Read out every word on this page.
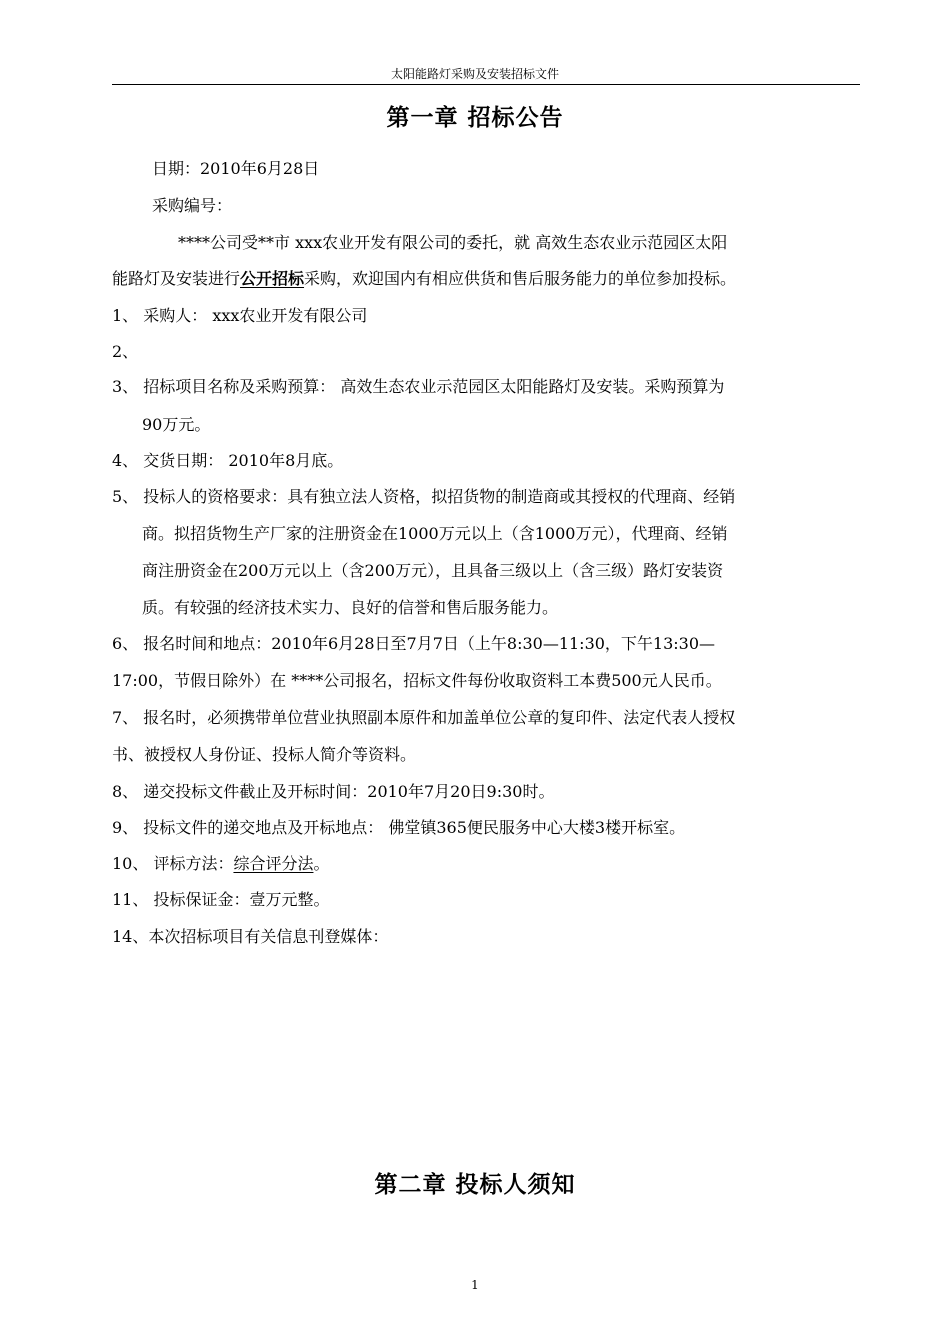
太阳能路灯采购及安装招标文件
第一章 招标公告
日期：2010年6月28日
采购编号：
****公司受**市 xxx农业开发有限公司的委托，就 高效生态农业示范园区太阳
能路灯及安装进行公开招标采购，欢迎国内有相应供货和售后服务能力的单位参加投标。
1、 采购人： xxx农业开发有限公司
2、
3、 招标项目名称及采购预算： 高效生态农业示范园区太阳能路灯及安装。采购预算为
90万元。
4、 交货日期： 2010年8月底。
5、 投标人的资格要求：具有独立法人资格，拟招货物的制造商或其授权的代理商、经销
商。拟招货物生产厂家的注册资金在1000万元以上（含1000万元），代理商、经销
商注册资金在200万元以上（含200万元），且具备三级以上（含三级）路灯安装资
质。有较强的经济技术实力、良好的信誉和售后服务能力。
6、 报名时间和地点：2010年6月28日至7月7日（上午8:30—11:30，下午13:30—
17:00，节假日除外）在 ****公司报名，招标文件每份收取资料工本费500元人民币。
7、 报名时，必须携带单位营业执照副本原件和加盖单位公章的复印件、法定代表人授权
书、被授权人身份证、投标人简介等资料。
8、 递交投标文件截止及开标时间：2010年7月20日9:30时。
9、 投标文件的递交地点及开标地点： 佛堂镇365便民服务中心大楼3楼开标室。
10、 评标方法：综合评分法。
11、 投标保证金：壹万元整。
14、本次招标项目有关信息刊登媒体：
第二章 投标人须知
1
